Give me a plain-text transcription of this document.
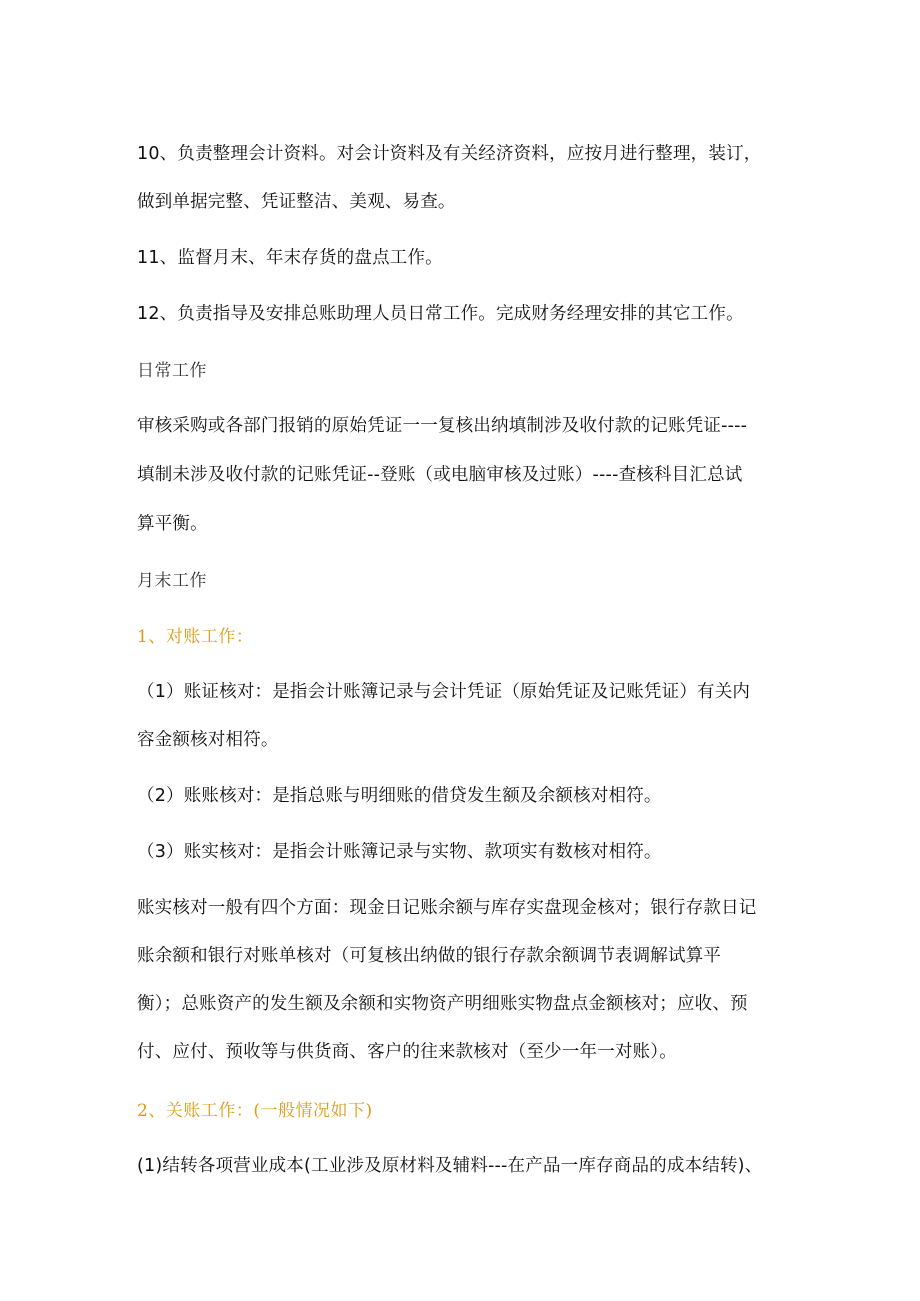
10、负责整理会计资料。对会计资料及有关经济资料，应按月进行整理，装订，
做到单据完整、凭证整洁、美观、易查。
11、监督月末、年末存货的盘点工作。
12、负责指导及安排总账助理人员日常工作。完成财务经理安排的其它工作。
日常工作
审核采购或各部门报销的原始凭证一一复核出纳填制涉及收付款的记账凭证----
填制未涉及收付款的记账凭证--登账（或电脑审核及过账）----查核科目汇总试
算平衡。
月末工作
1、对账工作：
（1）账证核对：是指会计账簿记录与会计凭证（原始凭证及记账凭证）有关内
容金额核对相符。
（2）账账核对：是指总账与明细账的借贷发生额及余额核对相符。
（3）账实核对：是指会计账簿记录与实物、款项实有数核对相符。
账实核对一般有四个方面：现金日记账余额与库存实盘现金核对；银行存款日记
账余额和银行对账单核对（可复核出纳做的银行存款余额调节表调解试算平
衡）；总账资产的发生额及余额和实物资产明细账实物盘点金额核对；应收、预
付、应付、预收等与供货商、客户的往来款核对（至少一年一对账）。
2、关账工作：(一般情况如下)
(1)结转各项营业成本(工业涉及原材料及辅料---在产品一库存商品的成本结转)、
